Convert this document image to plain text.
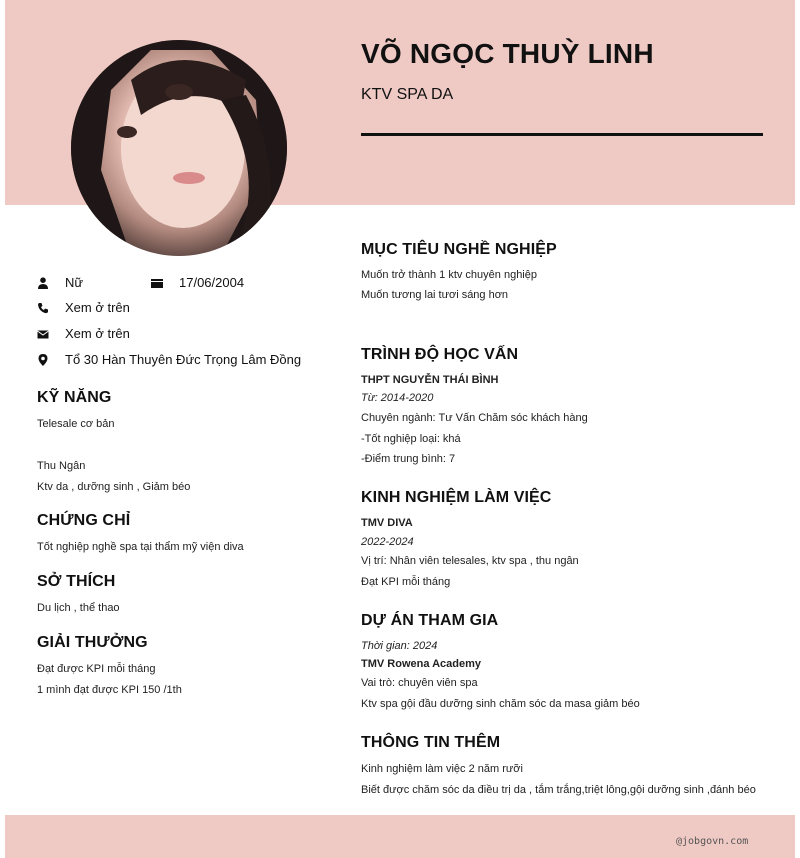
VÕ NGỌC THUỲ LINH
KTV SPA DA
Nữ	17/06/2004
Xem ở trên
Xem ở trên
Tổ 30 Hàn Thuyên Đức Trọng Lâm Đồng
KỸ NĂNG

Telesale cơ bản

Thu Ngân

Ktv da , dưỡng sinh , Giảm béo

CHỨNG CHỈ

Tốt nghiệp nghề spa tại thẩm mỹ viện diva

SỞ THÍCH

Du lịch , thể thao

GIẢI THƯỞNG

Đạt được KPI mỗi tháng

1 mình đạt được KPI 150 /1th

MỤC TIÊU NGHỀ NGHIỆP

Muốn trở thành 1 ktv chuyên nghiệp

Muốn tương lai tươi sáng hơn

TRÌNH ĐỘ HỌC VẤN

THPT NGUYỄN THÁI BÌNH

Từ: 2014-2020

Chuyên ngành: Tư Vấn Chăm sóc khách hàng

-Tốt nghiệp loại: khá

-Điểm trung bình: 7

KINH NGHIỆM LÀM VIỆC

TMV DIVA

2022-2024

Vị trí: Nhân viên telesales, ktv spa , thu ngân

Đạt KPI mỗi tháng

DỰ ÁN THAM GIA

Thời gian: 2024

TMV Rowena Academy

Vai trò: chuyên viên spa

Ktv spa gội đầu dưỡng sinh chăm sóc da masa giảm béo

THÔNG TIN THÊM

Kinh nghiệm làm việc 2 năm rưỡi

Biết được chăm sóc da điều trị da , tắm trắng,triệt lông,gội dưỡng sinh ,đánh béo

@jobgovn.com
